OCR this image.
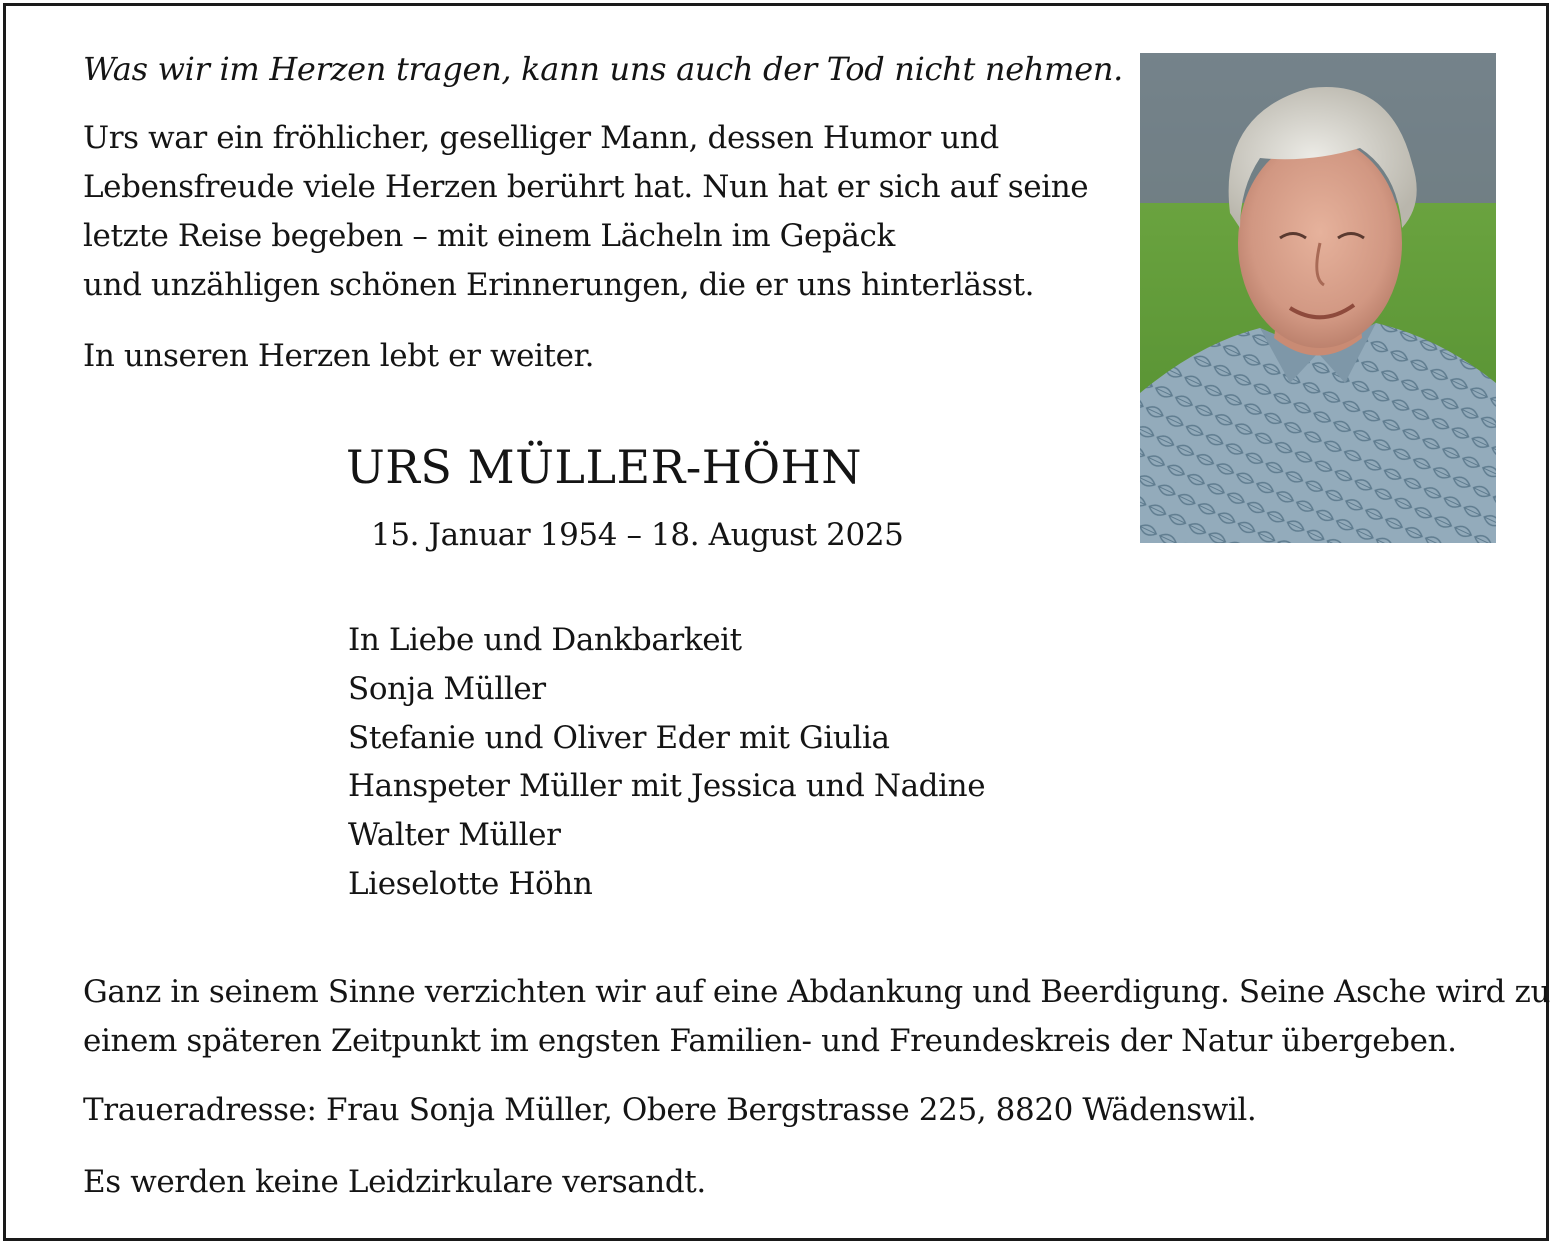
Was wir im Herzen tragen, kann uns auch der Tod nicht nehmen.
Urs war ein fröhlicher, geselliger Mann, dessen Humor und
Lebensfreude viele Herzen berührt hat. Nun hat er sich auf seine
letzte Reise begeben – mit einem Lächeln im Gepäck
und unzähligen schönen Erinnerungen, die er uns hinterlässt.
In unseren Herzen lebt er weiter.
URS MÜLLER-HÖHN
15. Januar 1954 – 18. August 2025
In Liebe und Dankbarkeit
Sonja Müller
Stefanie und Oliver Eder mit Giulia
Hanspeter Müller mit Jessica und Nadine
Walter Müller
Lieselotte Höhn
Ganz in seinem Sinne verzichten wir auf eine Abdankung und Beerdigung. Seine Asche wird zu
einem späteren Zeitpunkt im engsten Familien- und Freundeskreis der Natur übergeben.
Traueradresse: Frau Sonja Müller, Obere Bergstrasse 225, 8820 Wädenswil.
Es werden keine Leidzirkulare versandt.
